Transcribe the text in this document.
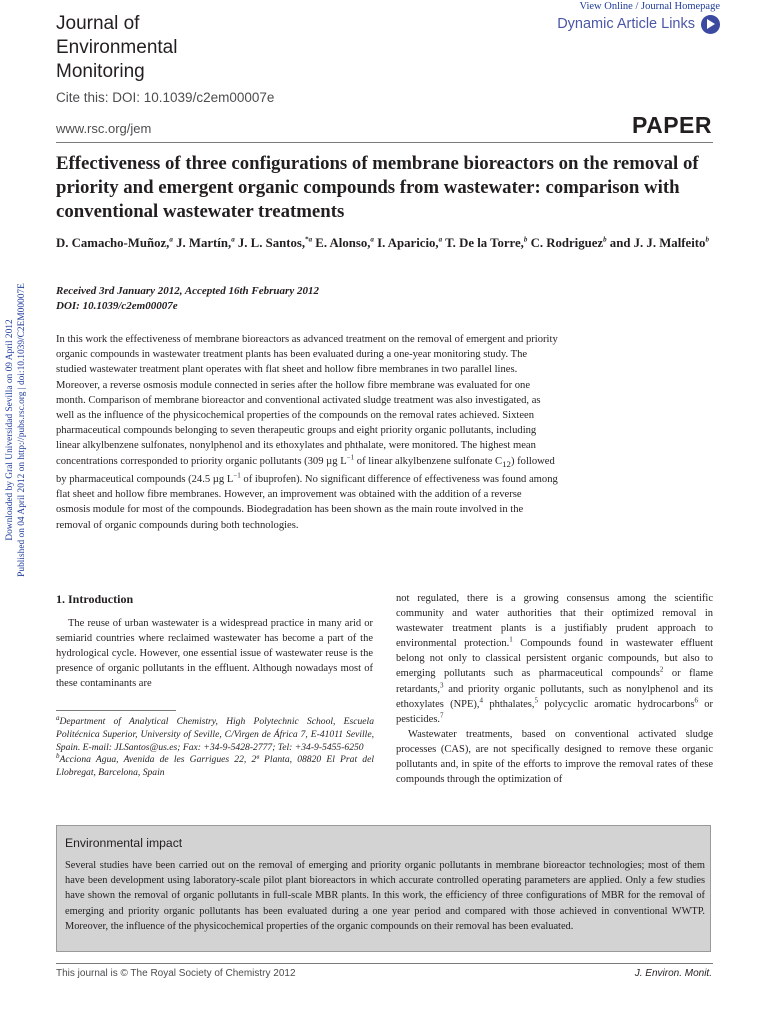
Journal of
Environmental
Monitoring
View Online / Journal Homepage
Dynamic Article Links
Cite this: DOI: 10.1039/c2em00007e
www.rsc.org/jem	PAPER
Effectiveness of three configurations of membrane bioreactors on the removal of priority and emergent organic compounds from wastewater: comparison with conventional wastewater treatments
D. Camacho-Muñoz,$^a$ J. Martín,$^a$ J. L. Santos,$^{*a}$ E. Alonso,$^a$ I. Aparicio,$^a$ T. De la Torre,$^b$ C. Rodriguez$^b$ and J. J. Malfeito$^b$
Received 3rd January 2012, Accepted 16th February 2012
DOI: 10.1039/c2em00007e
In this work the effectiveness of membrane bioreactors as advanced treatment on the removal of emergent and priority organic compounds in wastewater treatment plants has been evaluated during a one-year monitoring study. The studied wastewater treatment plant operates with flat sheet and hollow fibre membranes in two parallel lines. Moreover, a reverse osmosis module connected in series after the hollow fibre membrane was evaluated for one month. Comparison of membrane bioreactor and conventional activated sludge treatment was also investigated, as well as the influence of the physicochemical properties of the compounds on the removal rates achieved. Sixteen pharmaceutical compounds belonging to seven therapeutic groups and eight priority organic pollutants, including linear alkylbenzene sulfonates, nonylphenol and its ethoxylates and phthalate, were monitored. The highest mean concentrations corresponded to priority organic pollutants (309 µg $L^{-1}$ of linear alkylbenzene sulfonate $C_{12}$) followed by pharmaceutical compounds (24.5 µg $L^{-1}$ of ibuprofen). No significant difference of effectiveness was found among flat sheet and hollow fibre membranes. However, an improvement was obtained with the addition of a reverse osmosis module for most of the compounds. Biodegradation has been shown as the main route involved in the removal of organic compounds during both technologies.
Downloaded by Gral Universidad Sevilla on 09 April 2012 Published on 04 April 2012 on http://pubs.rsc.org | doi:10.1039/C2EM00007E
1. Introduction
The reuse of urban wastewater is a widespread practice in many arid or semiarid countries where reclaimed wastewater has become a part of the hydrological cycle. However, one essential issue of wastewater reuse is the presence of organic pollutants in the effluent. Although nowadays most of these contaminants are

$^a$Department of Analytical Chemistry, High Polytechnic School, Escuela Politécnica Superior, University of Seville, C/Virgen de África 7, E-41011 Seville, Spain. E-mail: JLSantos@us.es; Fax: +34-9-5428-2777; Tel: +34-9-5455-6250

$^b$Acciona Agua, Avenida de les Garrigues 22, 2ª Planta, 08820 El Prat del Llobregat, Barcelona, Spain

not regulated, there is a growing consensus among the scientific community and water authorities that their optimized removal in wastewater treatment plants is a justifiably prudent approach to environmental protection.$^1$ Compounds found in wastewater effluent belong not only to classical persistent organic compounds, but also to emerging pollutants such as pharmaceutical compounds$^2$ or flame retardants,$^3$ and priority organic pollutants, such as nonylphenol and its ethoxylates (NPE),$^4$ phthalates,$^5$ polycyclic aromatic hydrocarbons$^6$ or pesticides.$^7$

Wastewater treatments, based on conventional activated sludge processes (CAS), are not specifically designed to remove these organic pollutants and, in spite of the efforts to improve the removal rates of these compounds through the optimization of

Environmental impact
Several studies have been carried out on the removal of emerging and priority organic pollutants in membrane bioreactor technologies; most of them have been development using laboratory-scale pilot plant bioreactors in which accurate controlled operating parameters are applied. Only a few studies have shown the removal of organic pollutants in full-scale MBR plants. In this work, the efficiency of three configurations of MBR for the removal of emerging and priority organic pollutants has been evaluated during a one year period and compared with those achieved in conventional WWTP. Moreover, the influence of the physicochemical properties of the organic compounds on their removal has been evaluated.
This journal is © The Royal Society of Chemistry 2012	J. Environ. Monit.
